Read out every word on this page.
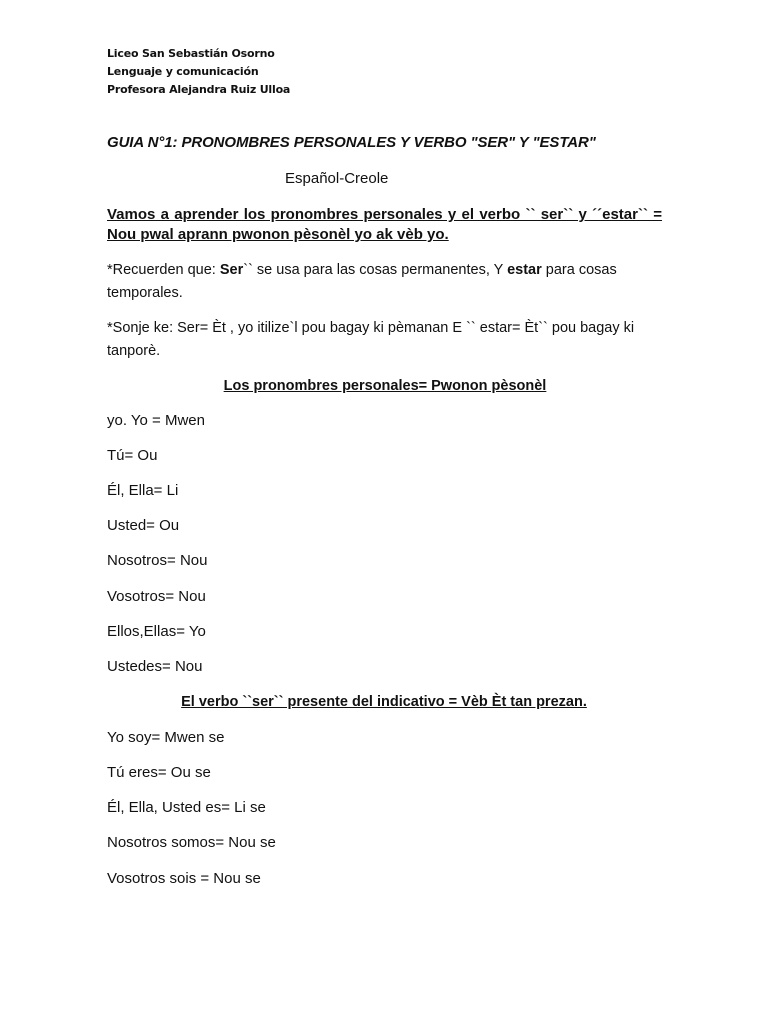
Liceo San Sebastián Osorno
Lenguaje y comunicación
Profesora Alejandra Ruiz Ulloa
GUIA N°1: PRONOMBRES PERSONALES Y VERBO "SER" Y "ESTAR"
Español-Creole
Vamos a aprender los pronombres personales y el verbo `` ser`` y ´´estar`` = Nou pwal aprann pwonon pèsonèl yo ak vèb yo.
*Recuerden que: Ser`` se usa para las cosas permanentes, Y estar para cosas temporales.
*Sonje ke: Ser= Èt , yo itilize`l pou bagay ki pèmanan E `` estar= Èt`` pou bagay ki tanporè.
Los pronombres personales= Pwonon pèsonèl
yo. Yo = Mwen
Tú= Ou
Él, Ella= Li
Usted= Ou
Nosotros= Nou
Vosotros= Nou
Ellos,Ellas= Yo
Ustedes= Nou
El verbo ``ser`` presente del indicativo = Vèb Èt tan prezan.
Yo soy= Mwen se
Tú eres= Ou se
Él, Ella, Usted es= Li se
Nosotros somos= Nou se
Vosotros sois = Nou se
